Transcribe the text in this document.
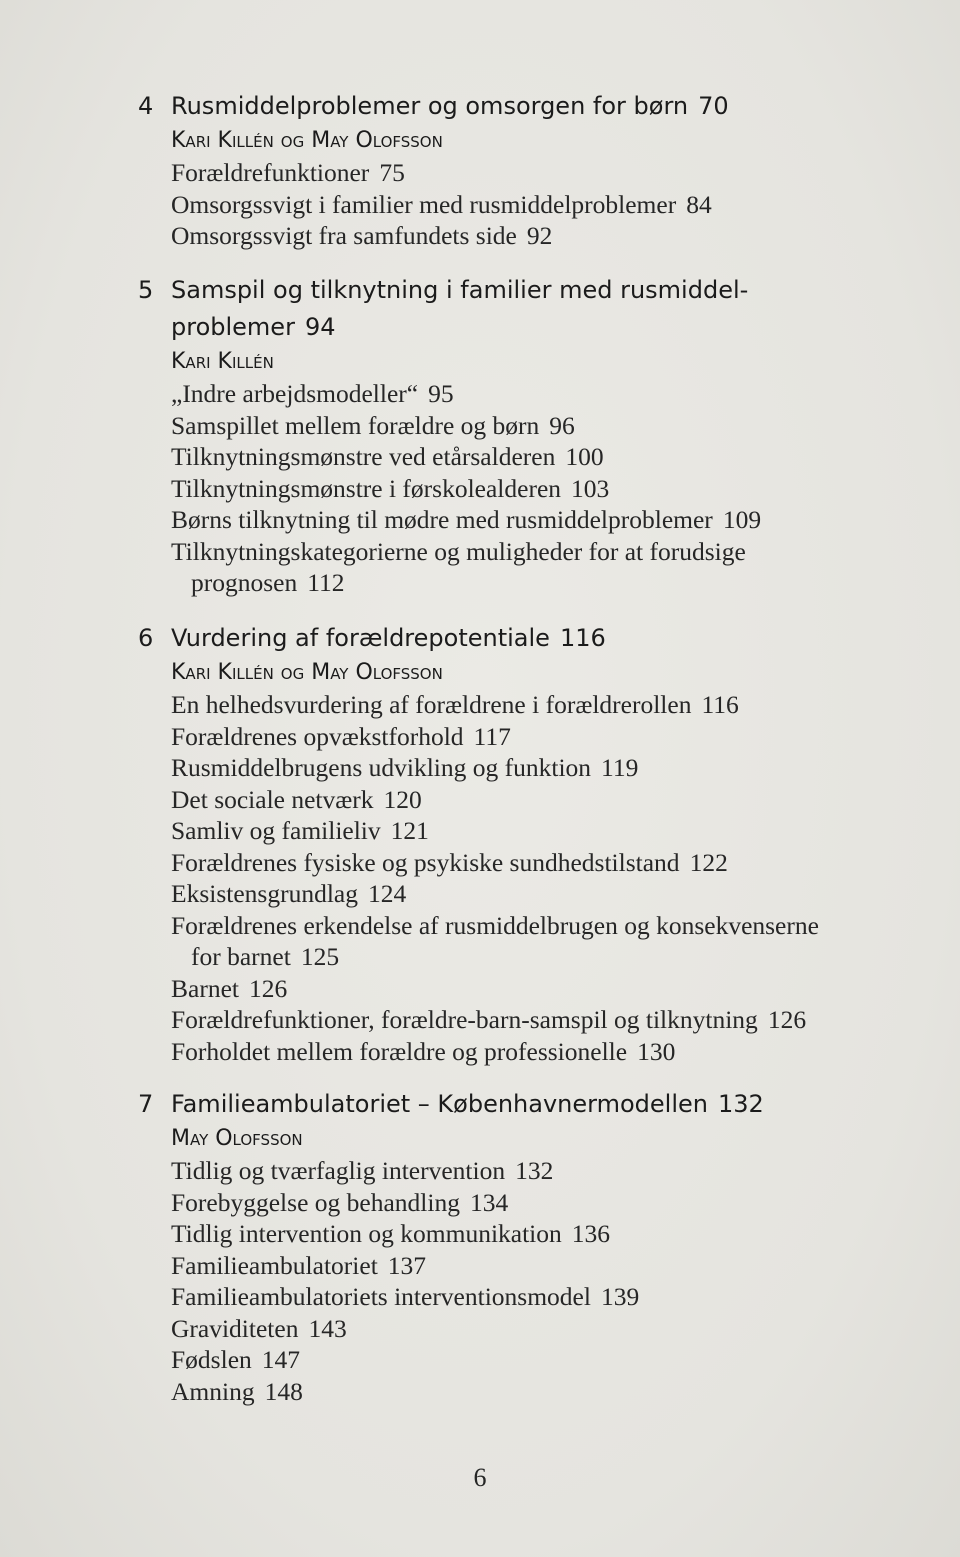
4 Rusmiddelproblemer og omsorgen for børn 70
Kari Killén og May Olofsson
Forældrefunktioner 75
Omsorgssvigt i familier med rusmiddelproblemer 84
Omsorgssvigt fra samfundets side 92
5 Samspil og tilknytning i familier med rusmiddel-
problemer 94
Kari Killén
„Indre arbejdsmodeller“ 95
Samspillet mellem forældre og børn 96
Tilknytningsmønstre ved etårsalderen 100
Tilknytningsmønstre i førskolealderen 103
Børns tilknytning til mødre med rusmiddelproblemer 109
Tilknytningskategorierne og muligheder for at forudsige
prognosen 112
6 Vurdering af forældrepotentiale 116
Kari Killén og May Olofsson
En helhedsvurdering af forældrene i forældrerollen 116
Forældrenes opvækstforhold 117
Rusmiddelbrugens udvikling og funktion 119
Det sociale netværk 120
Samliv og familieliv 121
Forældrenes fysiske og psykiske sundhedstilstand 122
Eksistensgrundlag 124
Forældrenes erkendelse af rusmiddelbrugen og konsekvenserne
for barnet 125
Barnet 126
Forældrefunktioner, forældre-barn-samspil og tilknytning 126
Forholdet mellem forældre og professionelle 130
7 Familieambulatoriet – Københavnermodellen 132
May Olofsson
Tidlig og tværfaglig intervention 132
Forebyggelse og behandling 134
Tidlig intervention og kommunikation 136
Familieambulatoriet 137
Familieambulatoriets interventionsmodel 139
Graviditeten 143
Fødslen 147
Amning 148
6
